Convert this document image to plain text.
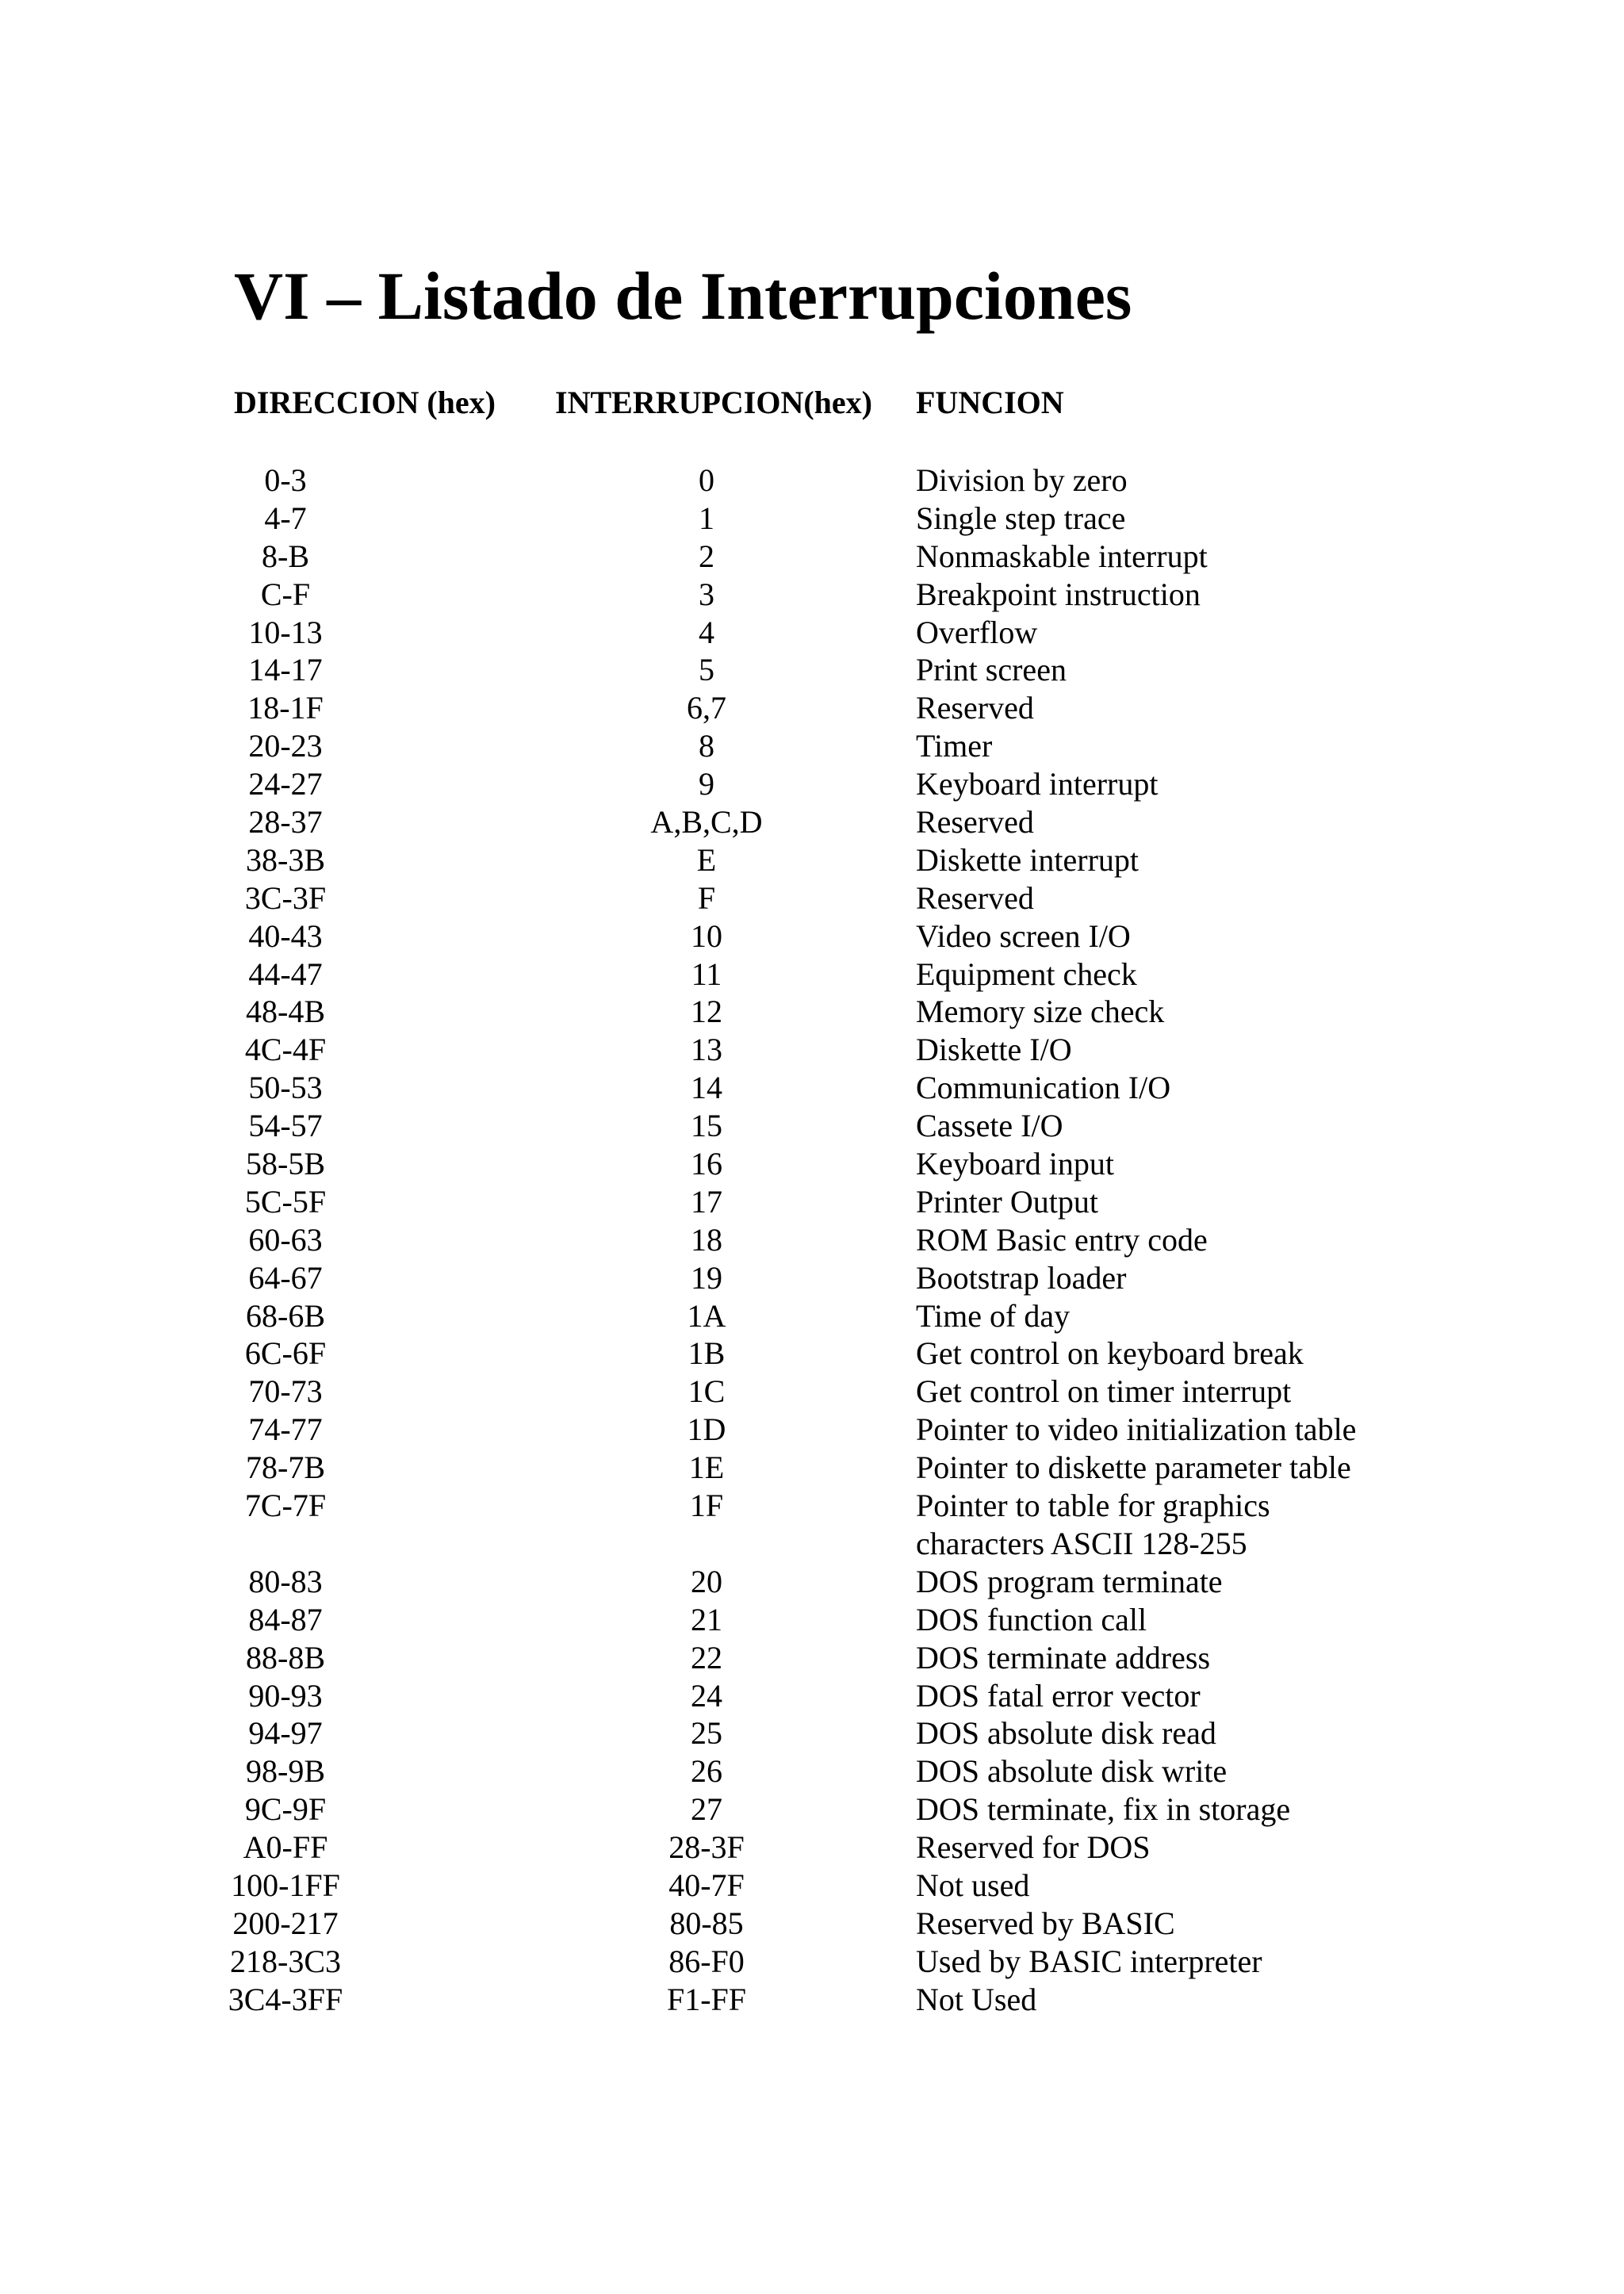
VI – Listado de Interrupciones
DIRECCION (hex) INTERRUPCION(hex) FUNCION
0-3	0	Division by zero
4-7	1	Single step trace
8-B	2	Nonmaskable interrupt
C-F	3	Breakpoint instruction
10-13	4	Overflow
14-17	5	Print screen
18-1F	6,7	Reserved
20-23	8	Timer
24-27	9	Keyboard interrupt
28-37	A,B,C,D	Reserved
38-3B	E	Diskette interrupt
3C-3F	F	Reserved
40-43	10	Video screen I/O
44-47	11	Equipment check
48-4B	12	Memory size check
4C-4F	13	Diskette I/O
50-53	14	Communication I/O
54-57	15	Cassete I/O
58-5B	16	Keyboard input
5C-5F	17	Printer Output
60-63	18	ROM Basic entry code
64-67	19	Bootstrap loader
68-6B	1A	Time of day
6C-6F	1B	Get control on keyboard break
70-73	1C	Get control on timer interrupt
74-77	1D	Pointer to video initialization table
78-7B	1E	Pointer to diskette parameter table
7C-7F	1F	Pointer to table for graphics
characters ASCII 128-255
80-83	20	DOS program terminate
84-87	21	DOS function call
88-8B	22	DOS terminate address
90-93	24	DOS fatal error vector
94-97	25	DOS absolute disk read
98-9B	26	DOS absolute disk write
9C-9F	27	DOS terminate, fix in storage
A0-FF	28-3F	Reserved for DOS
100-1FF	40-7F	Not used
200-217	80-85	Reserved by BASIC
218-3C3	86-F0	Used by BASIC interpreter
3C4-3FF	F1-FF	Not Used
